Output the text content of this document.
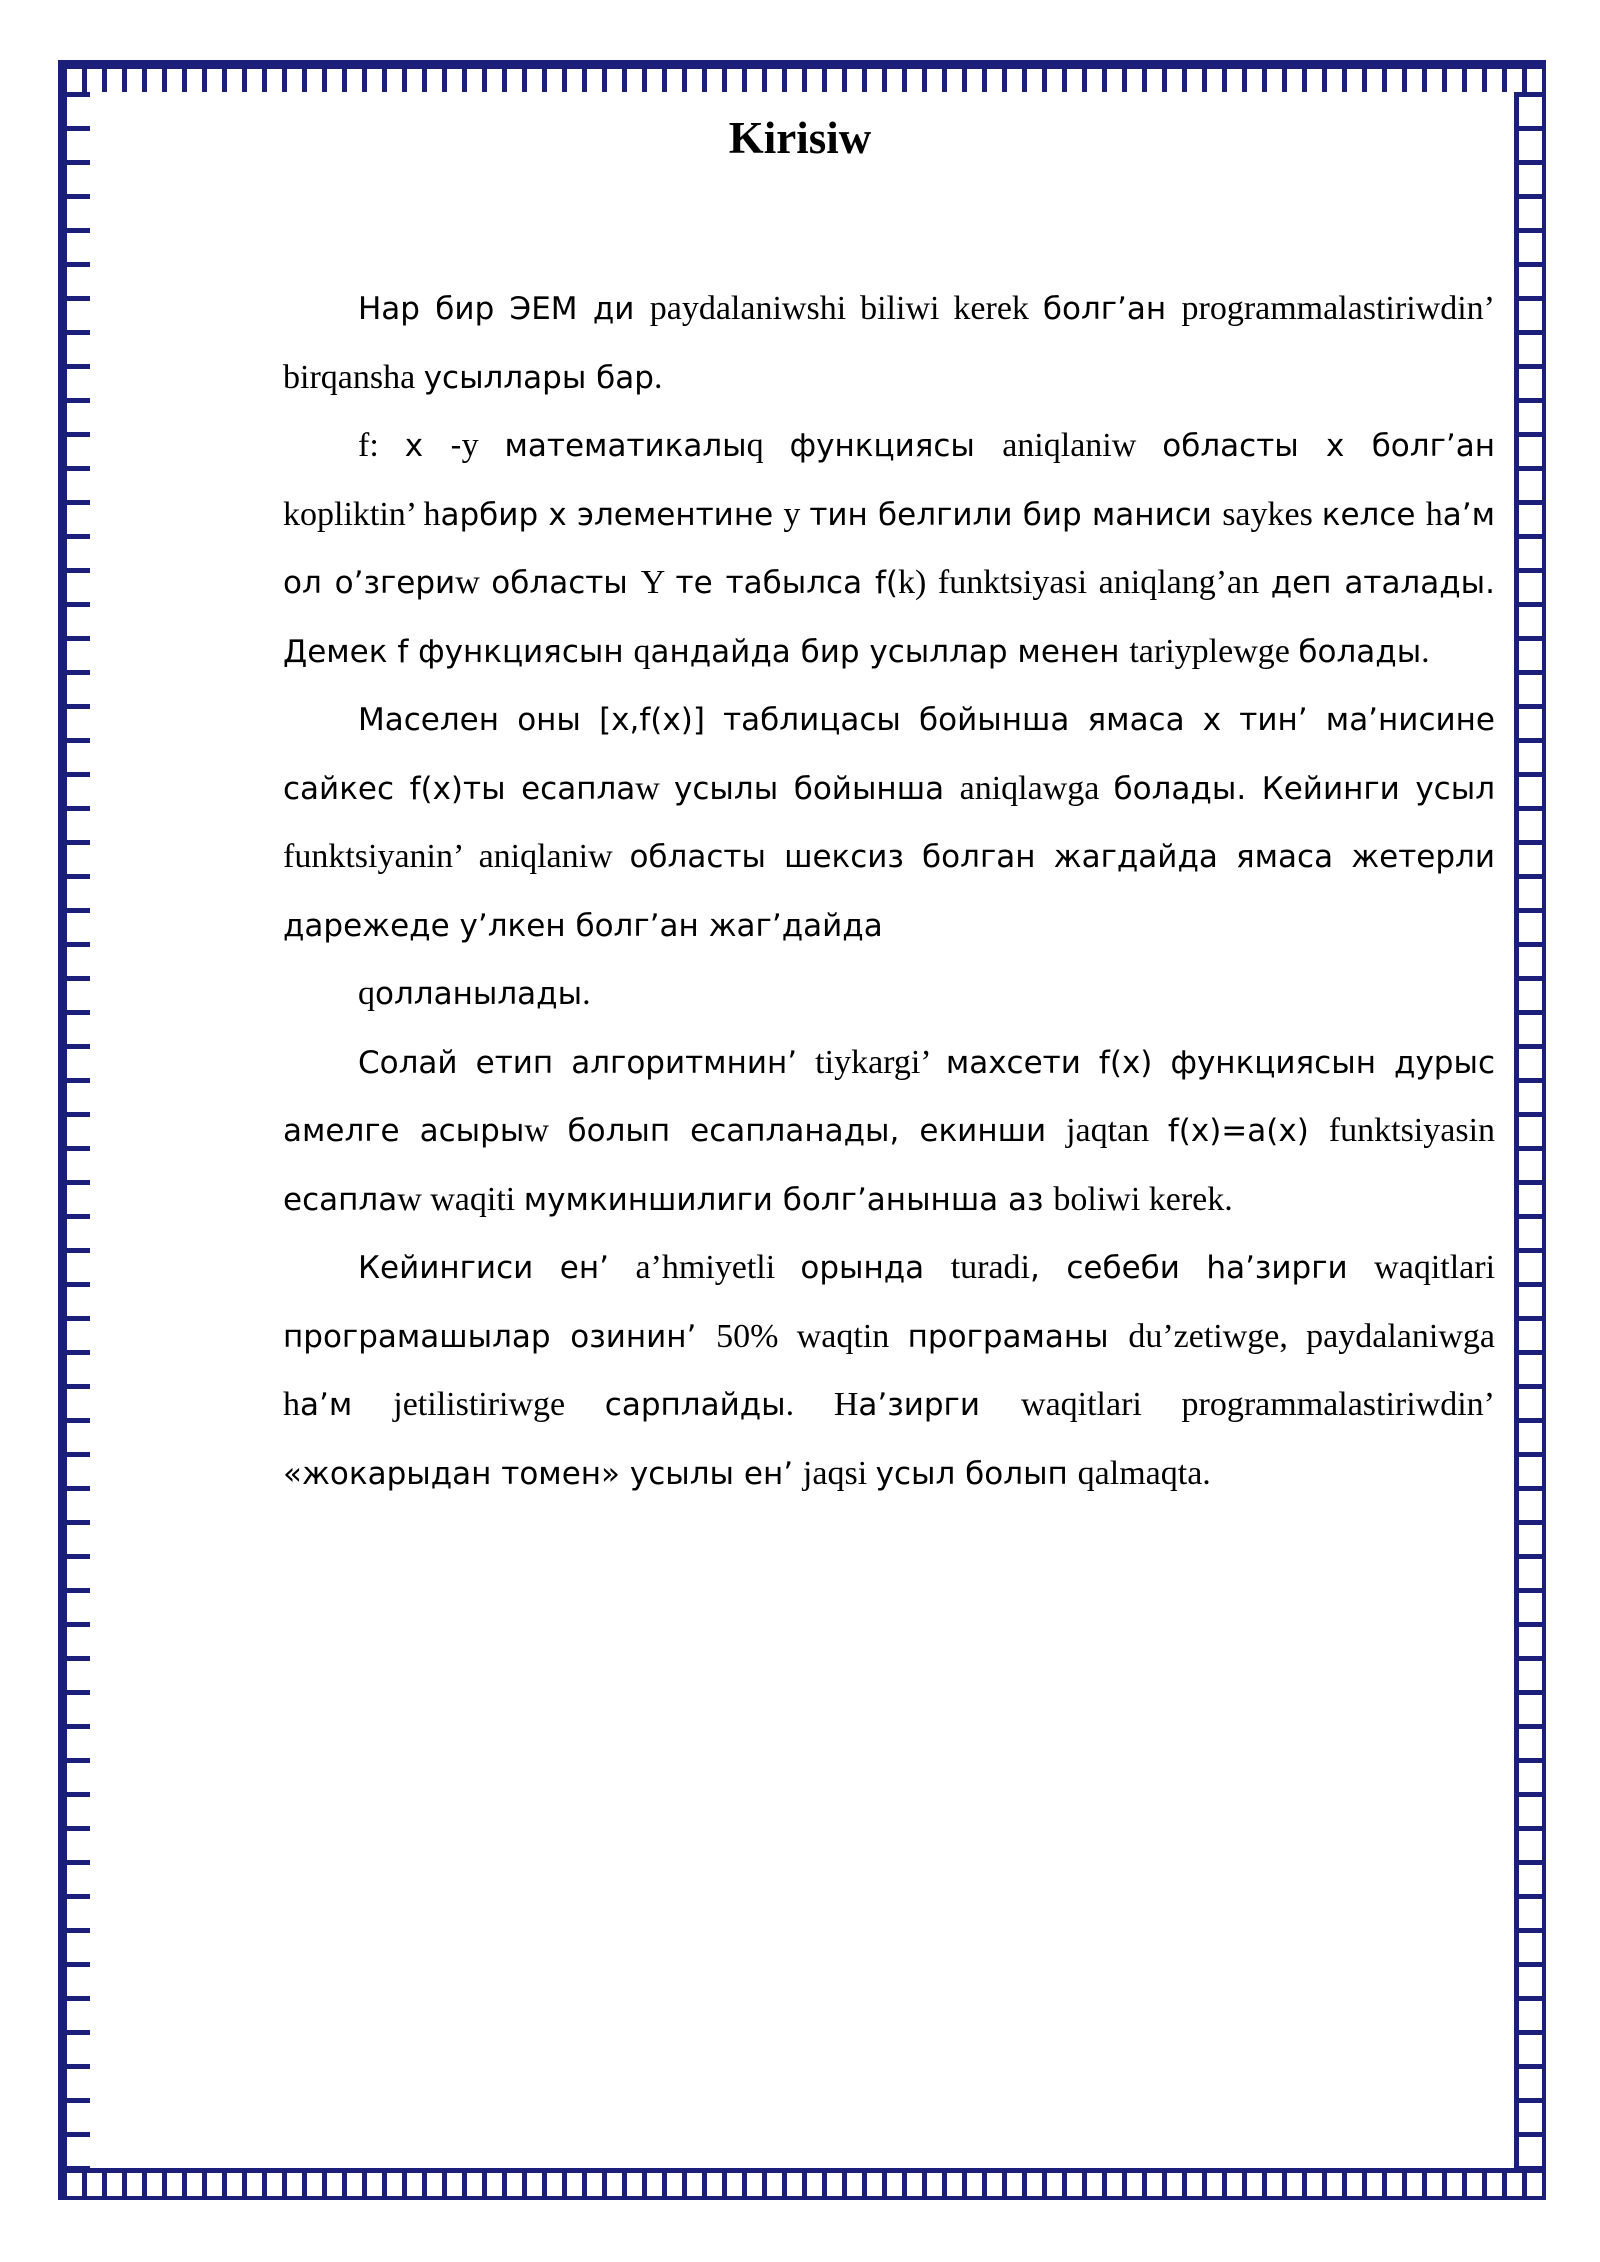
Kirisiw

Нар бир ЭЕМ ди paydalaniwshi biliwi kerek болг’ан programmalastiriwdin’ birqansha усыллары бар.

f: x -y математикалыq функциясы aniqlaniw областы x болг’ан kopliktin’ hарбир x элементине y тин белгили бир маниси saykes келсе hа’м ол о’згериw областы Y те табылса f(k) funktsiyasi aniqlang’an деп аталады. Демек f функциясын qандайда бир усыллар менен tariyplewge болады.

Маселен оны [x,f(x)] таблицасы бойынша ямаса x тин’ ма’нисине сайкес f(x)ты есаплаw усылы бойынша aniqlawga болады. Кейинги усыл funktsiyanin’ aniqlaniw областы шексиз болган жагдайда ямаса жетерли дарежеде у’лкен болг’ан жаг’дайда

qолланылады.

Солай етип алгоритмнин’ tiykargi’ махсети f(x) функциясын дурыс амелге асырыw болып есапланады, екинши jaqtan f(x)=a(x) funktsiyasin есаплаw waqiti мумкиншилиги болг’анынша аз boliwi kerek.

Кейингиси ен’ a’hmiyetli орында turadi, себеби hа’зирги waqitlari програмашылар озинин’ 50% waqtin програманы du’zetiwge, paydalaniwga hа’м jetilistiriwge сарплайды. Hа’зирги waqitlari programmalastiriwdin’ «жокарыдан томен» усылы ен’ jaqsi усыл болып qalmaqta.
